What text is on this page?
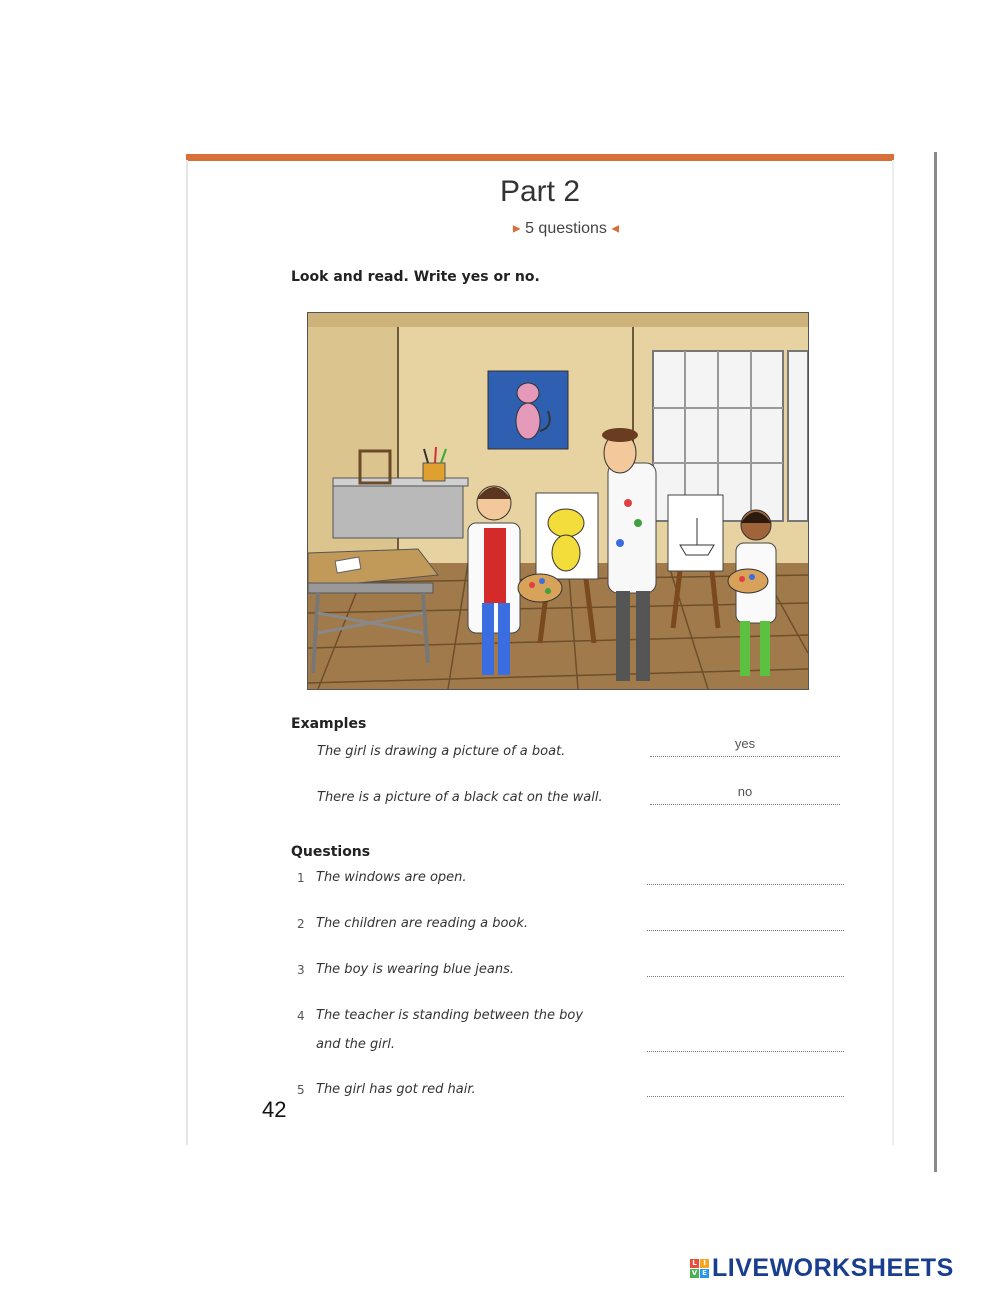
Part 2
▶ 5 questions ◀
Look and read. Write yes or no.
Examples
The girl is drawing a picture of a boat.
yes
There is a picture of a black cat on the wall.	no
Questions
1 The windows are open.
2 The children are reading a book.
3 The boy is wearing blue jeans.
4 The teacher is standing between the boy
and the girl.
5 The girl has got red hair.
42
L I
V E LIVEWORKSHEETS
